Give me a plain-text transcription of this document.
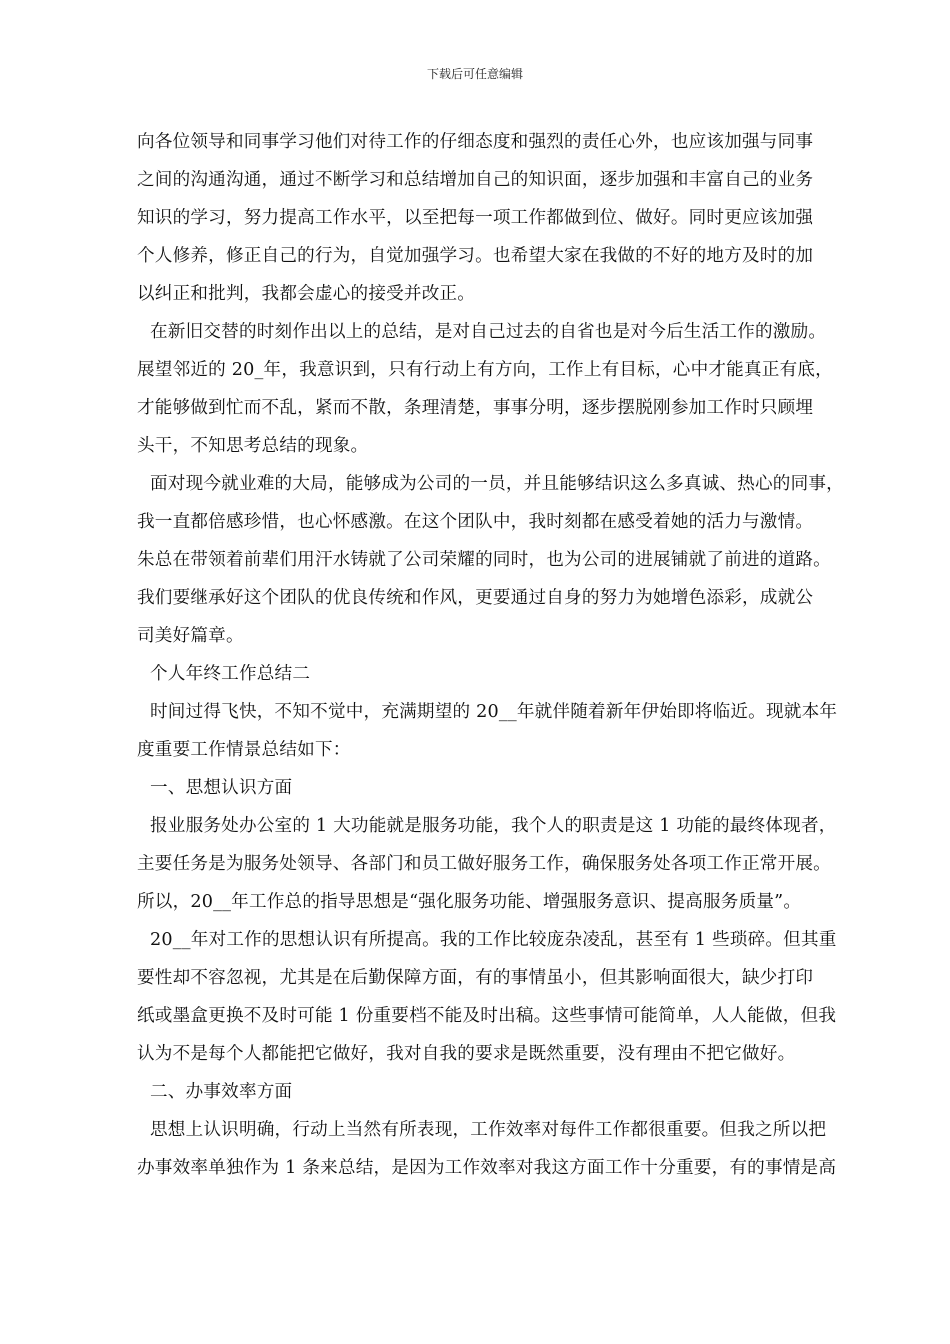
下载后可任意编辑
向各位领导和同事学习他们对待工作的仔细态度和强烈的责任心外，也应该加强与同事
之间的沟通沟通，通过不断学习和总结增加自己的知识面，逐步加强和丰富自己的业务
知识的学习，努力提高工作水平，以至把每一项工作都做到位、做好。同时更应该加强
个人修养，修正自己的行为，自觉加强学习。也希望大家在我做的不好的地方及时的加
以纠正和批判，我都会虚心的接受并改正。
在新旧交替的时刻作出以上的总结，是对自己过去的自省也是对今后生活工作的激励。
展望邻近的 20_年，我意识到，只有行动上有方向，工作上有目标，心中才能真正有底，
才能够做到忙而不乱，紧而不散，条理清楚，事事分明，逐步摆脱刚参加工作时只顾埋
头干，不知思考总结的现象。
面对现今就业难的大局，能够成为公司的一员，并且能够结识这么多真诚、热心的同事，
我一直都倍感珍惜，也心怀感激。在这个团队中，我时刻都在感受着她的活力与激情。
朱总在带领着前辈们用汗水铸就了公司荣耀的同时，也为公司的进展铺就了前进的道路。
我们要继承好这个团队的优良传统和作风，更要通过自身的努力为她增色添彩，成就公
司美好篇章。
个人年终工作总结二
时间过得飞快，不知不觉中，充满期望的 20__年就伴随着新年伊始即将临近。现就本年
度重要工作情景总结如下：
一、思想认识方面
报业服务处办公室的 1 大功能就是服务功能，我个人的职责是这 1 功能的最终体现者，
主要任务是为服务处领导、各部门和员工做好服务工作，确保服务处各项工作正常开展。
所以，20__年工作总的指导思想是“强化服务功能、增强服务意识、提高服务质量”。
20__年对工作的思想认识有所提高。我的工作比较庞杂凌乱，甚至有 1 些琐碎。但其重
要性却不容忽视，尤其是在后勤保障方面，有的事情虽小，但其影响面很大，缺少打印
纸或墨盒更换不及时可能 1 份重要档不能及时出稿。这些事情可能简单，人人能做，但我
认为不是每个人都能把它做好，我对自我的要求是既然重要，没有理由不把它做好。
二、办事效率方面
思想上认识明确，行动上当然有所表现，工作效率对每件工作都很重要。但我之所以把
办事效率单独作为 1 条来总结，是因为工作效率对我这方面工作十分重要，有的事情是高
